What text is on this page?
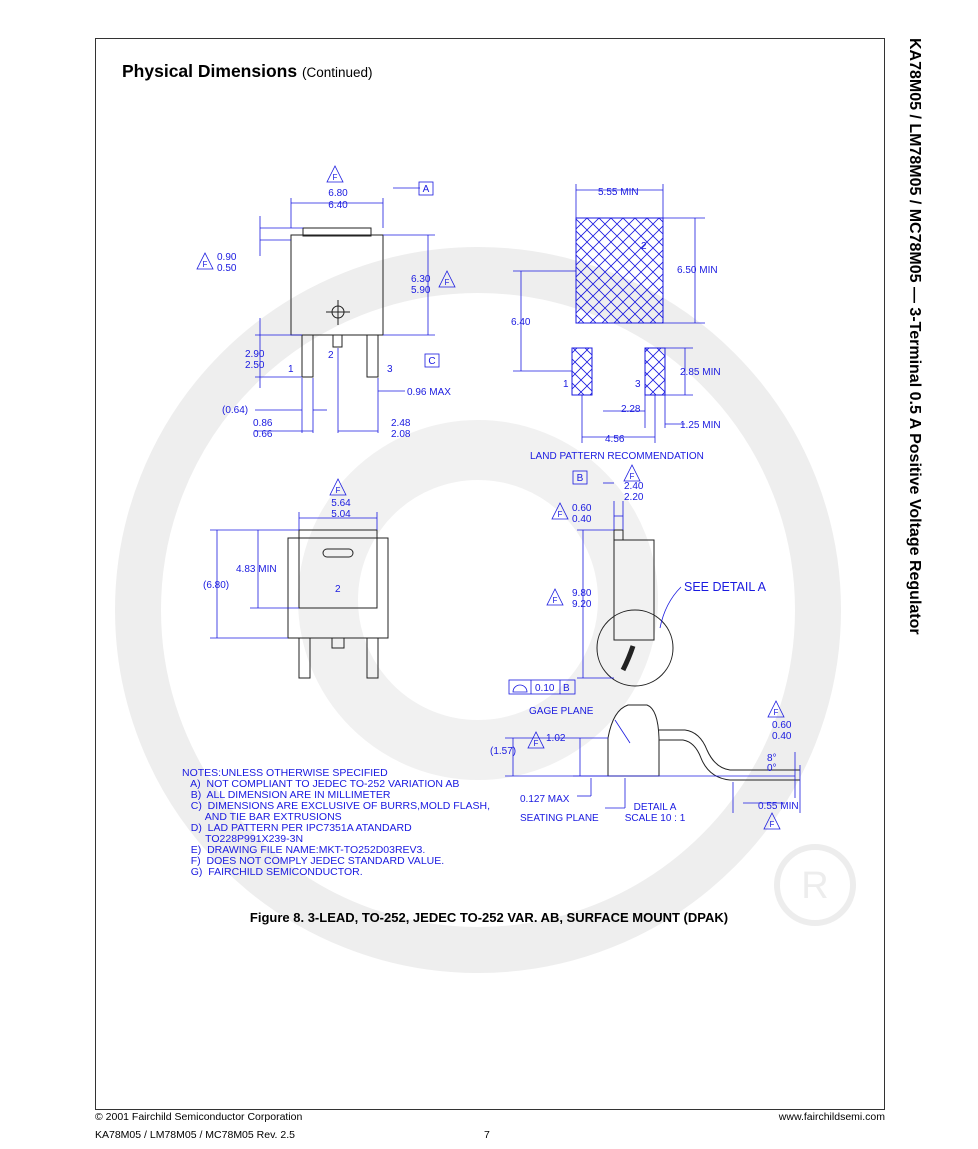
R
Physical Dimensions (Continued)	KA78M05 / LM78M05 / MC78M05 — 3-Terminal 0.5 A Positive Voltage Regulator
F
6.80
6.40
A
F
0.90
0.50
6.30
5.90
F
C
2.90
2.50 1
2
3
0.96 MAX
(0.64)
0.86
0.66
2.48
2.08
5.55 MIN
6.50 MIN
6.40
2
1	3
2.85 MIN
2.28
1.25 MIN
4.56
LAND PATTERN RECOMMENDATION
F
5.64
5.04
4.83 MIN
(6.80)	2
B	F
2.40
2.20
F
0.60
0.40
F
9.80
9.20
SEE DETAIL A
0.10 B
GAGE PLANE
(1.57)
F 1.02
F
0.60
0.40
8°
0°
0.127 MAX
SEATING PLANE
DETAIL A
SCALE 10 : 1
0.55 MIN
F
NOTES:UNLESS OTHERWISE SPECIFIED
A)  NOT COMPLIANT TO JEDEC TO-252 VARIATION AB
B)  ALL DIMENSION ARE IN MILLIMETER
C)  DIMENSIONS ARE EXCLUSIVE OF BURRS,MOLD FLASH,
AND TIE BAR EXTRUSIONS
D)  LAD PATTERN PER IPC7351A ATANDARD
TO228P991X239-3N
E)  DRAWING FILE NAME:MKT-TO252D03REV3.
F)  DOES NOT COMPLY JEDEC STANDARD VALUE.
G)  FAIRCHILD SEMICONDUCTOR.
Figure 8. 3-LEAD, TO-252, JEDEC TO-252 VAR. AB, SURFACE MOUNT (DPAK)
© 2001 Fairchild Semiconductor Corporation
KA78M05 / LM78M05 / MC78M05 Rev. 2.5	7
www.fairchildsemi.com
